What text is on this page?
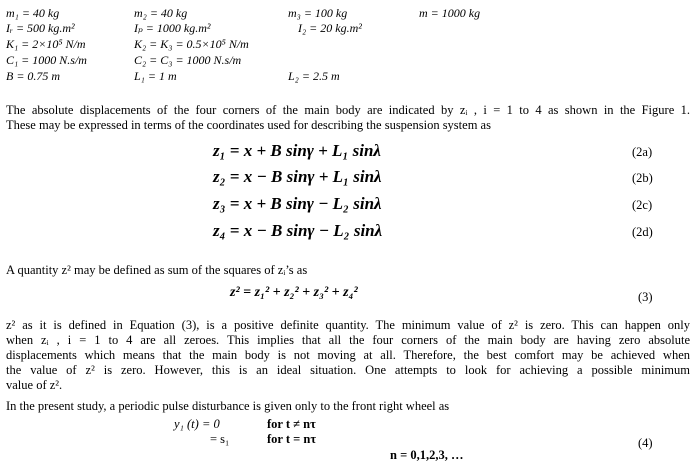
m₁ = 40 kg	m₂ = 40 kg	m₃ = 100 kg	m = 1000 kg
Iᵣ = 500 kg.m²	Iₚ = 1000 kg.m²	I₂ = 20 kg.m²
K₁ = 2×10⁵ N/m	K₂ = K₃ = 0.5×10⁵ N/m
C₁ = 1000 N.s/m	C₂ = C₃ = 1000 N.s/m
B = 0.75 m	L₁ = 1 m	L₂ = 2.5 m
The absolute displacements of the four corners of the main body are indicated by zᵢ , i = 1 to 4 as shown in the Figure 1.
These may be expressed in terms of the coordinates used for describing the suspension system as
z₁ = x + B sinγ + L₁ sinλ	(2a)
z₂ = x − B sinγ + L₁ sinλ	(2b)
z₃ = x + B sinγ − L₂ sinλ	(2c)
z₄ = x − B sinγ − L₂ sinλ	(2d)
A quantity z² may be defined as sum of the squares of zᵢ’s as
z² = z₁² + z₂² + z₃² + z₄²	(3)
z² as it is defined in Equation (3), is a positive definite quantity. The minimum value of z² is zero. This can happen only
when zᵢ , i = 1 to 4 are all zeroes. This implies that all the four corners of the main body are having zero absolute
displacements which means that the main body is not moving at all. Therefore, the best comfort may be achieved when
the value of z² is zero. However, this is an ideal situation. One attempts to look for achieving a possible minimum
value of z².
In the present study, a periodic pulse disturbance is given only to the front right wheel as
y₁ (t) = 0	for t ≠ nτ
= s₁	for t = nτ	(4)
n = 0,1,2,3, …
